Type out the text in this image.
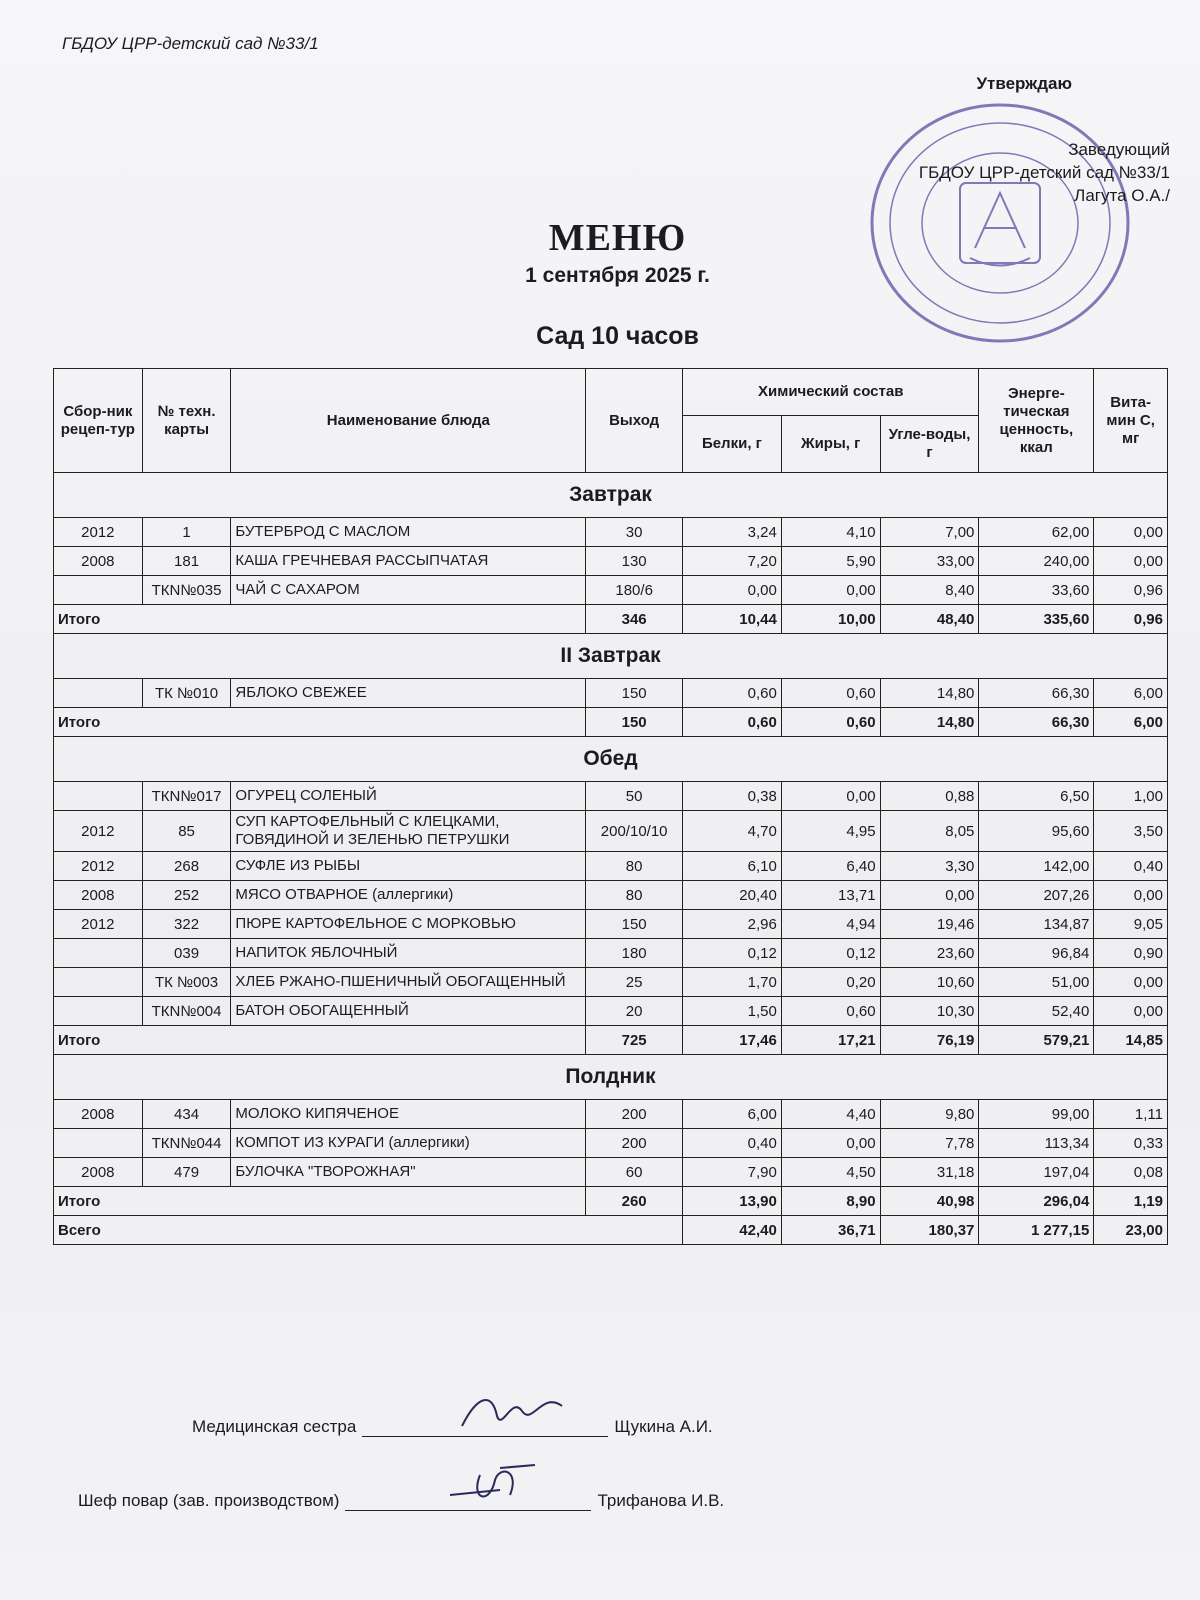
ГБДОУ ЦРР-детский сад №33/1
Утверждаю
Заведующий
ГБДОУ ЦРР-детский сад №33/1
Лагута О.А./
МЕНЮ
1 сентября 2025 г.
Сад 10 часов
Сбор-ник рецеп-тур	№ техн. карты	Наименование блюда	Выход	Химический состав			Энерге-тическая ценность, ккал	Вита-мин С, мг
				Белки, г	Жиры, г	Угле-воды, г		
Завтрак								
2012	1	БУТЕРБРОД С МАСЛОМ	30	3,24	4,10	7,00	62,00	0,00
2008	181	КАША ГРЕЧНЕВАЯ РАССЫПЧАТАЯ	130	7,20	5,90	33,00	240,00	0,00
	ТКN№035	ЧАЙ С САХАРОМ	180/6	0,00	0,00	8,40	33,60	0,96
Итого			346	10,44	10,00	48,40	335,60	0,96
II Завтрак								
	ТК №010	ЯБЛОКО СВЕЖЕЕ	150	0,60	0,60	14,80	66,30	6,00
Итого			150	0,60	0,60	14,80	66,30	6,00
Обед								
	ТКN№017	ОГУРЕЦ СОЛЕНЫЙ	50	0,38	0,00	0,88	6,50	1,00
2012	85	СУП КАРТОФЕЛЬНЫЙ С КЛЕЦКАМИ, ГОВЯДИНОЙ И ЗЕЛЕНЬЮ ПЕТРУШКИ	200/10/10	4,70	4,95	8,05	95,60	3,50
2012	268	СУФЛЕ ИЗ РЫБЫ	80	6,10	6,40	3,30	142,00	0,40
2008	252	МЯСО ОТВАРНОЕ (аллергики)	80	20,40	13,71	0,00	207,26	0,00
2012	322	ПЮРЕ КАРТОФЕЛЬНОЕ С МОРКОВЬЮ	150	2,96	4,94	19,46	134,87	9,05
	039	НАПИТОК ЯБЛОЧНЫЙ	180	0,12	0,12	23,60	96,84	0,90
	ТК №003	ХЛЕБ РЖАНО-ПШЕНИЧНЫЙ ОБОГАЩЕННЫЙ	25	1,70	0,20	10,60	51,00	0,00
	ТКN№004	БАТОН ОБОГАЩЕННЫЙ	20	1,50	0,60	10,30	52,40	0,00
Итого			725	17,46	17,21	76,19	579,21	14,85
Полдник								
2008	434	МОЛОКО КИПЯЧЕНОЕ	200	6,00	4,40	9,80	99,00	1,11
	ТКN№044	КОМПОТ ИЗ КУРАГИ (аллергики)	200	0,40	0,00	7,78	113,34	0,33
2008	479	БУЛОЧКА "ТВОРОЖНАЯ"	60	7,90	4,50	31,18	197,04	0,08
Итого			260	13,90	8,90	40,98	296,04	1,19
Всего				42,40	36,71	180,37	1 277,15	23,00
Медицинская сестра	Щукина А.И.
Шеф повар (зав. производством)	Трифанова И.В.
